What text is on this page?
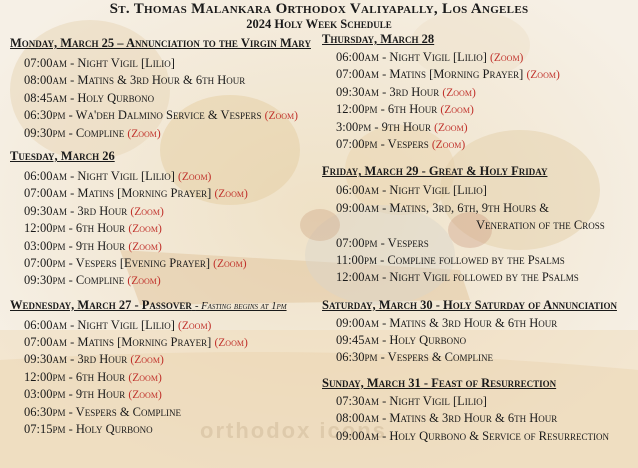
orthodox icons
St. Thomas Malankara Orthodox Valiyapally, Los Angeles
2024 Holy Week Schedule
Monday, March 25 – Annunciation to the Virgin Mary
07:00am - Night Vigil [Lilio]
08:00am - Matins & 3rd Hour & 6th Hour
08:45am - Holy Qurbono
06:30pm - Wa'deh Dalmino Service & Vespers (Zoom)
09:30pm - Compline (Zoom)
Tuesday, March 26
06:00am - Night Vigil [Lilio] (Zoom)
07:00am - Matins [Morning Prayer] (Zoom)
09:30am - 3rd Hour (Zoom)
12:00pm - 6th Hour (Zoom)
03:00pm - 9th Hour (Zoom)
07:00pm - Vespers [Evening Prayer] (Zoom)
09:30pm - Compline (Zoom)
Wednesday, March 27 - Passover - Fasting begins at 1pm
06:00am - Night Vigil [Lilio] (Zoom)
07:00am - Matins [Morning Prayer] (Zoom)
09:30am - 3rd Hour (Zoom)
12:00pm - 6th Hour (Zoom)
03:00pm - 9th Hour (Zoom)
06:30pm - Vespers & Compline
07:15pm - Holy Qurbono
Thursday, March 28
06:00am - Night Vigil [Lilio] (Zoom)
07:00am - Matins [Morning Prayer] (Zoom)
09:30am - 3rd Hour (Zoom)
12:00pm - 6th Hour (Zoom)
3:00pm - 9th Hour (Zoom)
07:00pm - Vespers (Zoom)
Friday, March 29 - Great & Holy Friday
06:00am - Night Vigil [Lilio]
09:00am - Matins, 3rd, 6th, 9th Hours &
Veneration of the Cross
07:00pm - Vespers
11:00pm - Compline followed by the Psalms
12:00am - Night Vigil followed by the Psalms
Saturday, March 30 - Holy Saturday of Annunciation
09:00am - Matins & 3rd Hour & 6th Hour
09:45am - Holy Qurbono
06:30pm - Vespers & Compline
Sunday, March 31 - Feast of Resurrection
07:30am - Night Vigil [Lilio]
08:00am - Matins & 3rd Hour & 6th Hour
09:00am - Holy Qurbono & Service of Resurrection
